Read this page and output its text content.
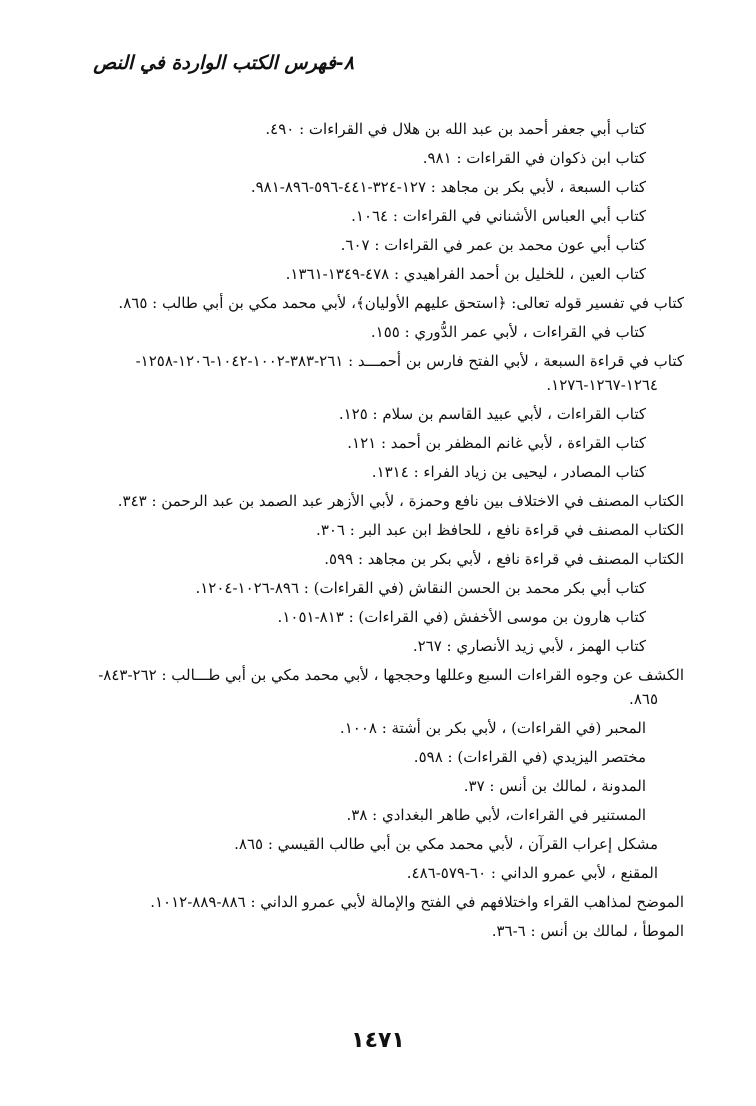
٨-فهرس الكتب الواردة في النص
كتاب أبي جعفر أحمد بن عبد الله بن هلال في القراءات : ٤٩٠.
كتاب ابن ذكوان في القراءات : ٩٨١.
كتاب السبعة ، لأبي بكر بن مجاهد : ١٢٧-٣٢٤-٤٤١-٥٩٦-٨٩٦-٩٨١.
كتاب أبي العباس الأشناني في القراءات : ١٠٦٤.
كتاب أبي عون محمد بن عمر في القراءات : ٦٠٧.
كتاب العين ، للخليل بن أحمد الفراهيدي : ٤٧٨-١٣٤٩-١٣٦١.
كتاب في تفسير قوله تعالى: ﴿استحق عليهم الأوليان﴾، لأبي محمد مكي بن أبي طالب : ٨٦٥.
كتاب في القراءات ، لأبي عمر الدُّوري : ١٥٥.
كتاب في قراءة السبعة ، لأبي الفتح فارس بن أحمـــد : ٢٦١-٣٨٣-١٠٠٢-١٠٤٢-١٢٠٦-١٢٥٨-
١٢٦٤-١٢٦٧-١٢٧٦.
كتاب القراءات ، لأبي عبيد القاسم بن سلام : ١٢٥.
كتاب القراءة ، لأبي غانم المظفر بن أحمد : ١٢١.
كتاب المصادر ، ليحيى بن زياد الفراء : ١٣١٤.
الكتاب المصنف في الاختلاف بين نافع وحمزة ، لأبي الأزهر عبد الصمد بن عبد الرحمن : ٣٤٣.
الكتاب المصنف في قراءة نافع ، للحافظ ابن عبد البر : ٣٠٦.
الكتاب المصنف في قراءة نافع ، لأبي بكر بن مجاهد : ٥٩٩.
كتاب أبي بكر محمد بن الحسن النقاش (في القراءات) : ٨٩٦-١٠٢٦-١٢٠٤.
كتاب هارون بن موسى الأخفش (في القراءات) : ٨١٣-١٠٥١.
كتاب الهمز ، لأبي زيد الأنصاري : ٢٦٧.
الكشف عن وجوه القراءات السبع وعللها وحججها ، لأبي محمد مكي بن أبي طـــالب : ٢٦٢-٨٤٣-
٨٦٥.
المحبر (في القراءات) ، لأبي بكر بن أشتة : ١٠٠٨.
مختصر اليزيدي (في القراءات) : ٥٩٨.
المدونة ، لمالك بن أنس : ٣٧.
المستنير في القراءات، لأبي طاهر البغدادي : ٣٨.
مشكل إعراب القرآن ، لأبي محمد مكي بن أبي طالب القيسي : ٨٦٥.
المقنع ، لأبي عمرو الداني : ٦٠-٥٧٩-٤٨٦.
الموضح لمذاهب القراء واختلافهم في الفتح والإمالة لأبي عمرو الداني : ٨٨٦-٨٨٩-١٠١٢.
الموطأ ، لمالك بن أنس : ٦-٣٦.
١٤٧١
